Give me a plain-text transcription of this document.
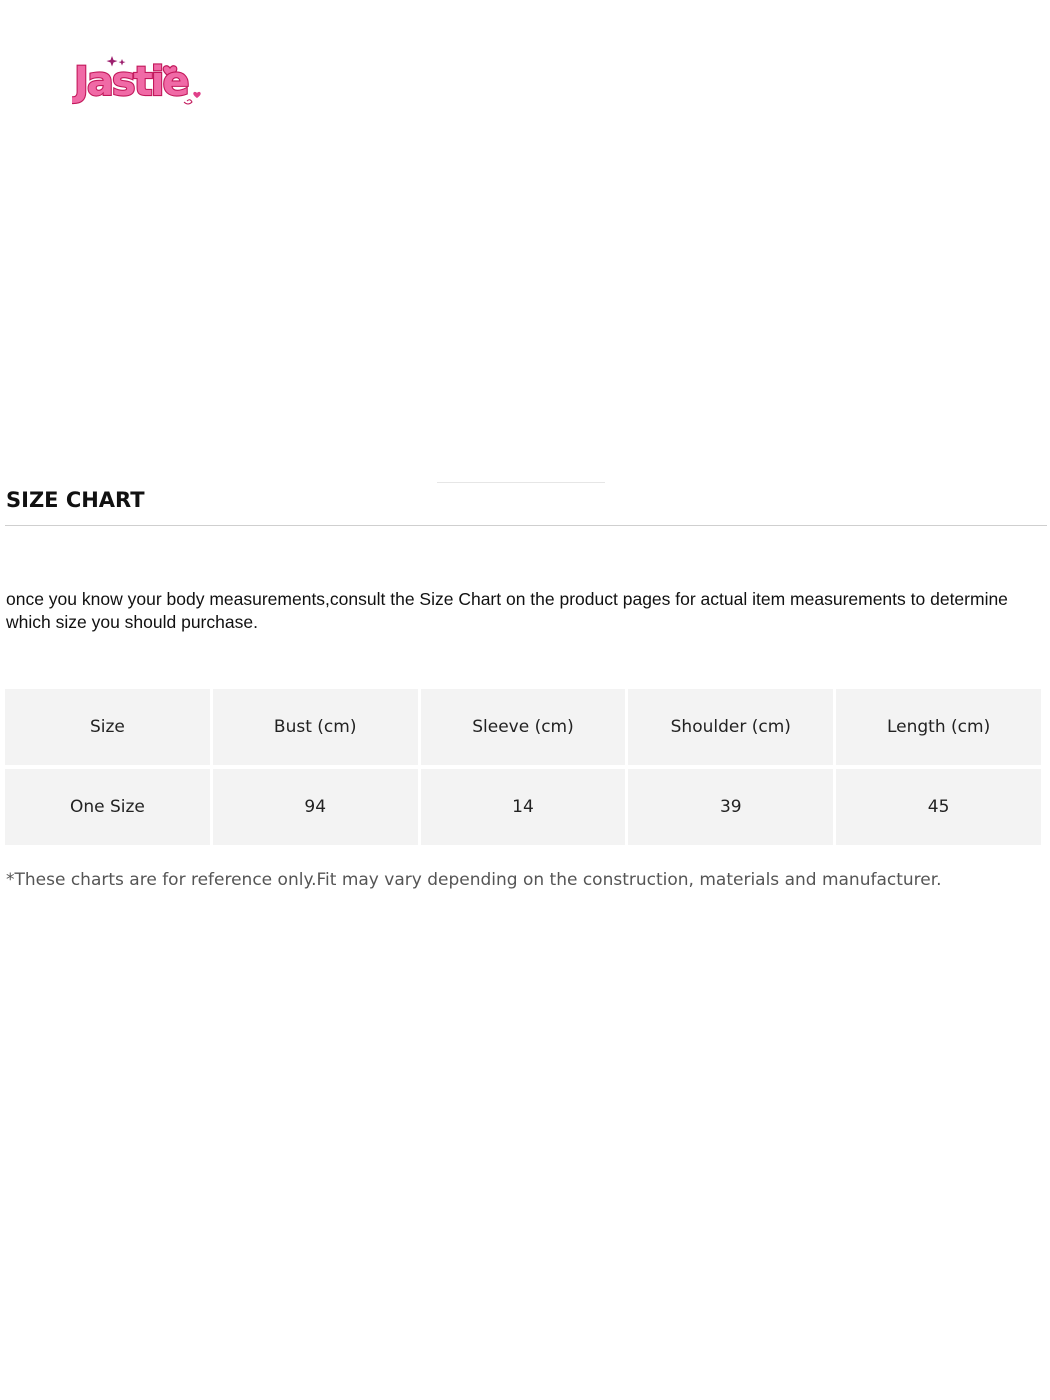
Jastie
SIZE CHART

once you know your body measurements,consult the Size Chart on the product pages for actual item measurements to determine which size you should purchase.

Size	Bust (cm)	Sleeve (cm)	Shoulder (cm)	Length (cm)
One Size	94	14	39	45

*These charts are for reference only.Fit may vary depending on the construction, materials and manufacturer.
